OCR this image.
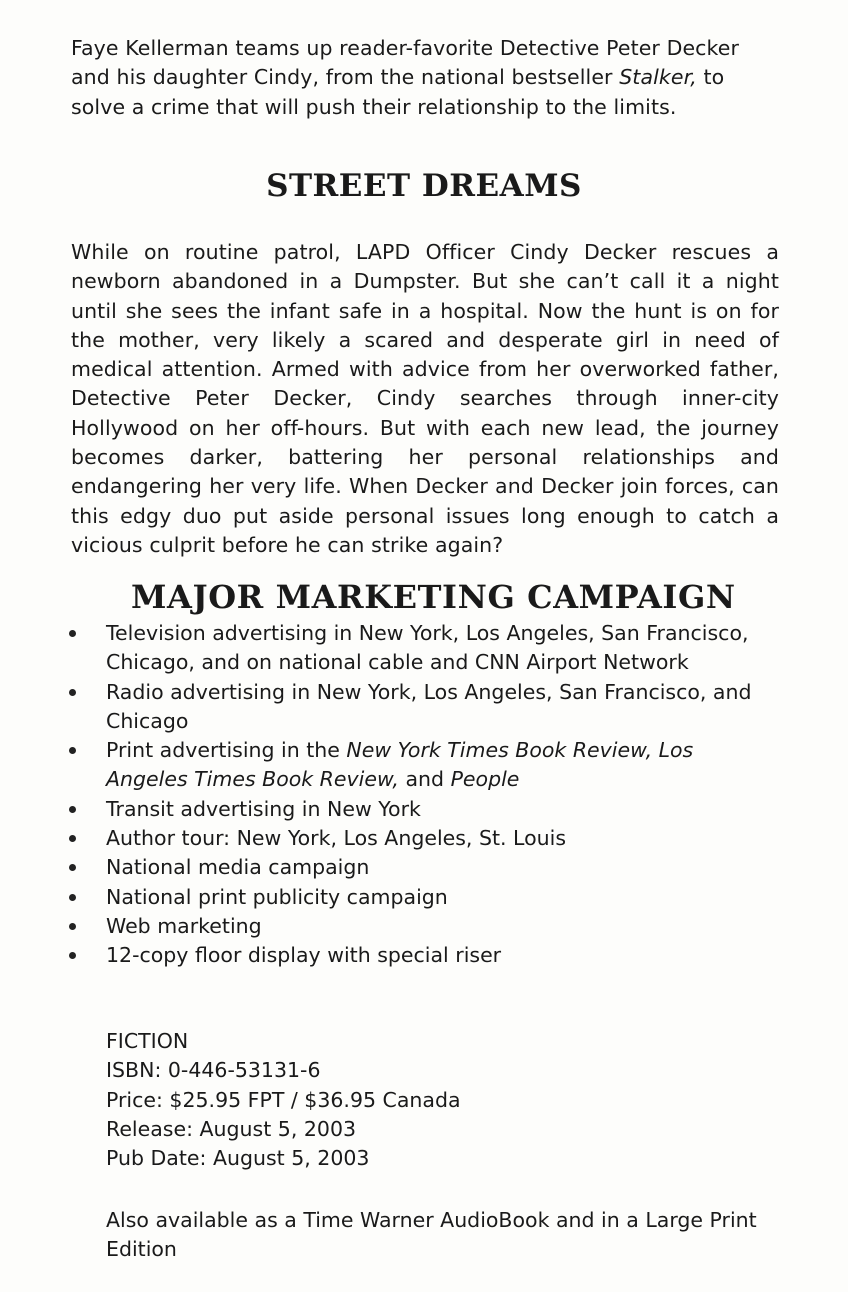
Faye Kellerman teams up reader-favorite Detective Peter Decker and his daughter Cindy, from the national bestseller Stalker, to solve a crime that will push their relationship to the limits.

STREET DREAMS

While on routine patrol, LAPD Officer Cindy Decker rescues a newborn abandoned in a Dumpster. But she can’t call it a night until she sees the infant safe in a hospital. Now the hunt is on for the mother, very likely a scared and desperate girl in need of medical attention. Armed with advice from her overworked father, Detective Peter Decker, Cindy searches through inner-city Hollywood on her off-hours. But with each new lead, the journey becomes darker, battering her personal relationships and endangering her very life. When Decker and Decker join forces, can this edgy duo put aside personal issues long enough to catch a vicious culprit before he can strike again?

MAJOR MARKETING CAMPAIGN
Television advertising in New York, Los Angeles, San Francisco, Chicago, and on national cable and CNN Airport Network
Radio advertising in New York, Los Angeles, San Francisco, and Chicago
Print advertising in the New York Times Book Review, Los Angeles Times Book Review, and People
Transit advertising in New York
Author tour: New York, Los Angeles, St. Louis
National media campaign
National print publicity campaign
Web marketing
12-copy floor display with special riser
FICTION
ISBN: 0-446-53131-6
Price: $25.95 FPT / $36.95 Canada
Release: August 5, 2003
Pub Date: August 5, 2003

Also available as a Time Warner AudioBook and in a Large Print Edition
